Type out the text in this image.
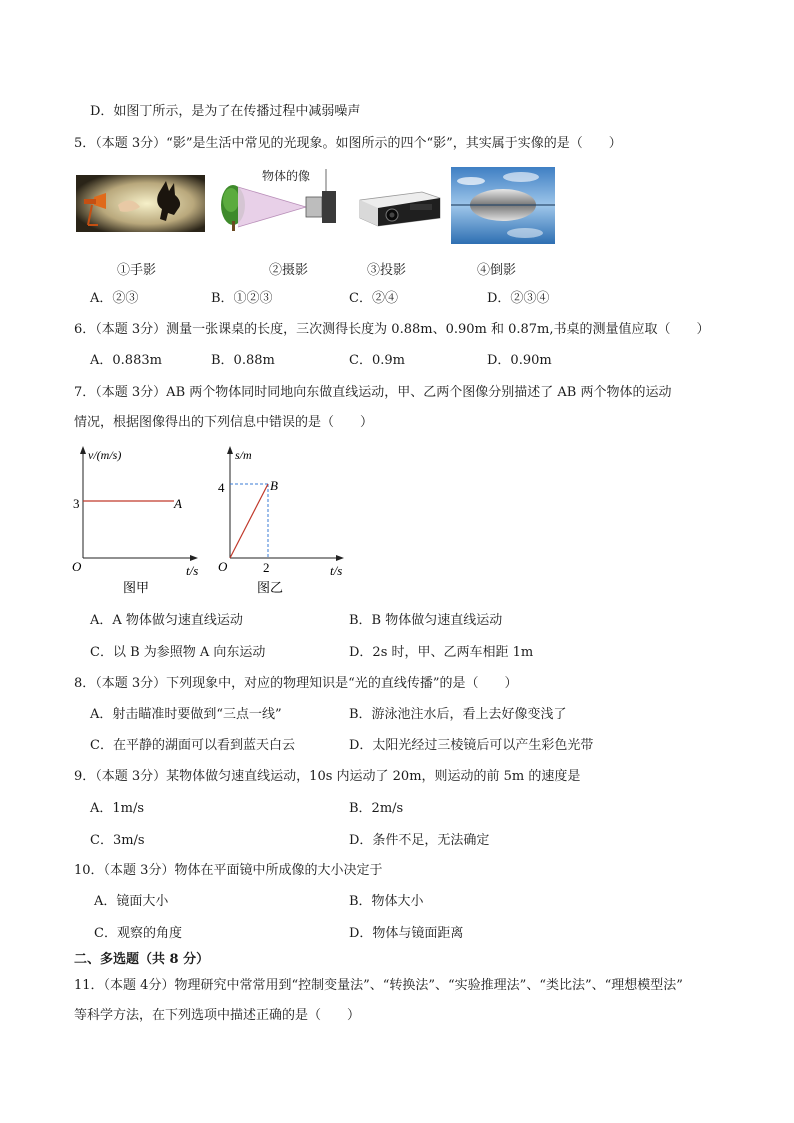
D．如图丁所示，是为了在传播过程中减弱噪声
5．（本题 3分）“影”是生活中常见的光现象。如图所示的四个“影”，其实属于实像的是（　　）
物体的像
①手影	②摄影	③投影	④倒影
A．②③	B．①②③	C．②④	D．②③④
6．（本题 3分）测量一张课桌的长度，三次测得长度为 0.88m、0.90m 和 0.87m,书桌的测量值应取（　　）
A．0.883m	B．0.88m	C．0.9m	D．0.90m
7．（本题 3分）AB 两个物体同时同地向东做直线运动，甲、乙两个图像分别描述了 AB 两个物体的运动
情况，根据图像得出的下列信息中错误的是（　　）
v/(m/s)
3	A
O	t/s
图甲
s/m
4	B
O	2	t/s
图乙
A．A 物体做匀速直线运动	B．B 物体做匀速直线运动
C．以 B 为参照物 A 向东运动	D．2s 时，甲、乙两车相距 1m
8．（本题 3分）下列现象中，对应的物理知识是“光的直线传播”的是（　　）
A．射击瞄准时要做到“三点一线”	B．游泳池注水后，看上去好像变浅了
C．在平静的湖面可以看到蓝天白云	D．太阳光经过三棱镜后可以产生彩色光带
9．（本题 3分）某物体做匀速直线运动，10s 内运动了 20m，则运动的前 5m 的速度是
A．1m/s	B．2m/s
C．3m/s	D．条件不足，无法确定
10．（本题 3分）物体在平面镜中所成像的大小决定于
A．镜面大小	B．物体大小
C．观察的角度	D．物体与镜面距离
二、多选题（共 8 分）
11．（本题 4分）物理研究中常常用到“控制变量法”、“转换法”、“实验推理法”、“类比法”、“理想模型法”
等科学方法，在下列选项中描述正确的是（　　）
